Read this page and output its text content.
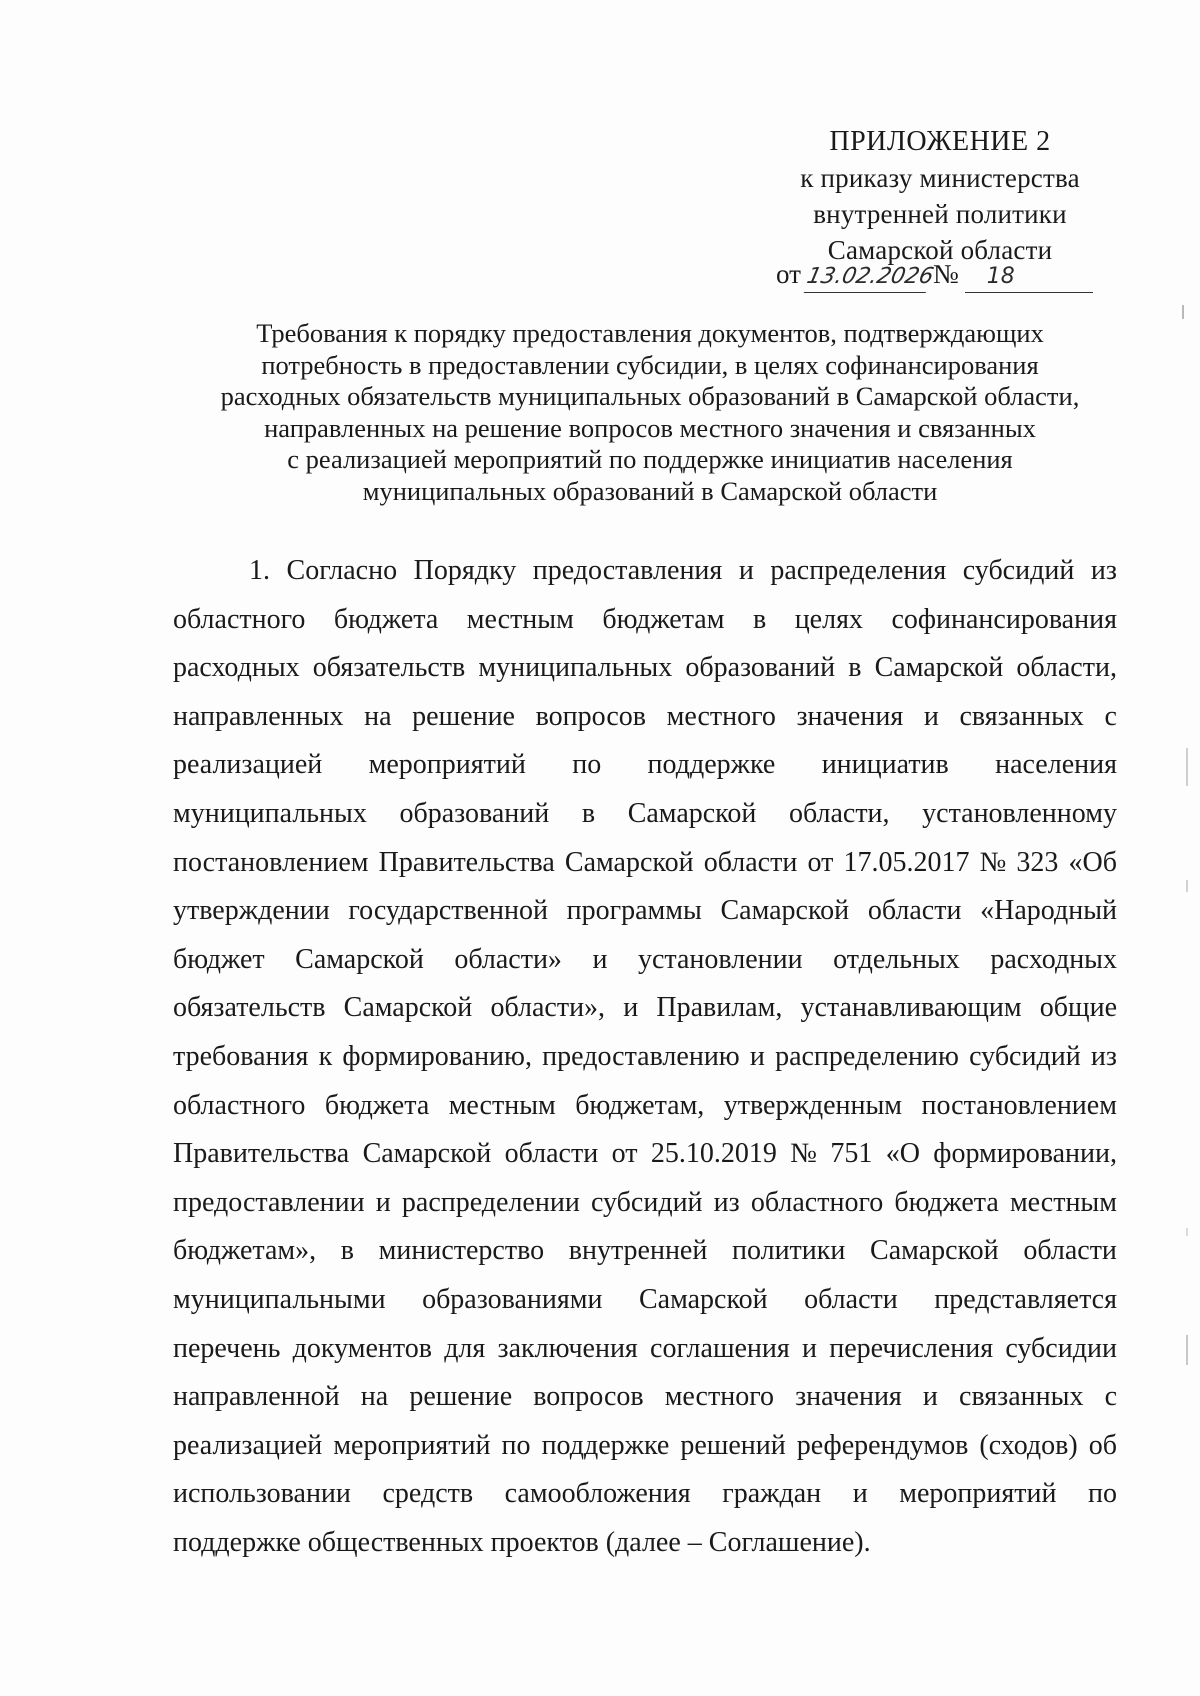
ПРИЛОЖЕНИЕ 2
к приказу министерства
внутренней политики
Самарской области
от 13.02.2026№ 18
Требования к порядку предоставления документов, подтверждающих
потребность в предоставлении субсидии, в целях софинансирования
расходных обязательств муниципальных образований в Самарской области,
направленных на решение вопросов местного значения и связанных
с реализацией мероприятий по поддержке инициатив населения
муниципальных образований в Самарской области
1. Согласно Порядку предоставления и распределения субсидий из
областного бюджета местным бюджетам в целях софинансирования
расходных обязательств муниципальных образований в Самарской области,
направленных на решение вопросов местного значения и связанных с
реализацией мероприятий по поддержке инициатив населения
муниципальных образований в Самарской области, установленному
постановлением Правительства Самарской области от 17.05.2017 № 323 «Об
утверждении государственной программы Самарской области «Народный
бюджет Самарской области» и установлении отдельных расходных
обязательств Самарской области», и Правилам, устанавливающим общие
требования к формированию, предоставлению и распределению субсидий из
областного бюджета местным бюджетам, утвержденным постановлением
Правительства Самарской области от 25.10.2019 № 751 «О формировании,
предоставлении и распределении субсидий из областного бюджета местным
бюджетам», в министерство внутренней политики Самарской области
муниципальными образованиями Самарской области представляется
перечень документов для заключения соглашения и перечисления субсидии
направленной на решение вопросов местного значения и связанных с
реализацией мероприятий по поддержке решений референдумов (сходов) об
использовании средств самообложения граждан и мероприятий по
поддержке общественных проектов (далее – Соглашение).
